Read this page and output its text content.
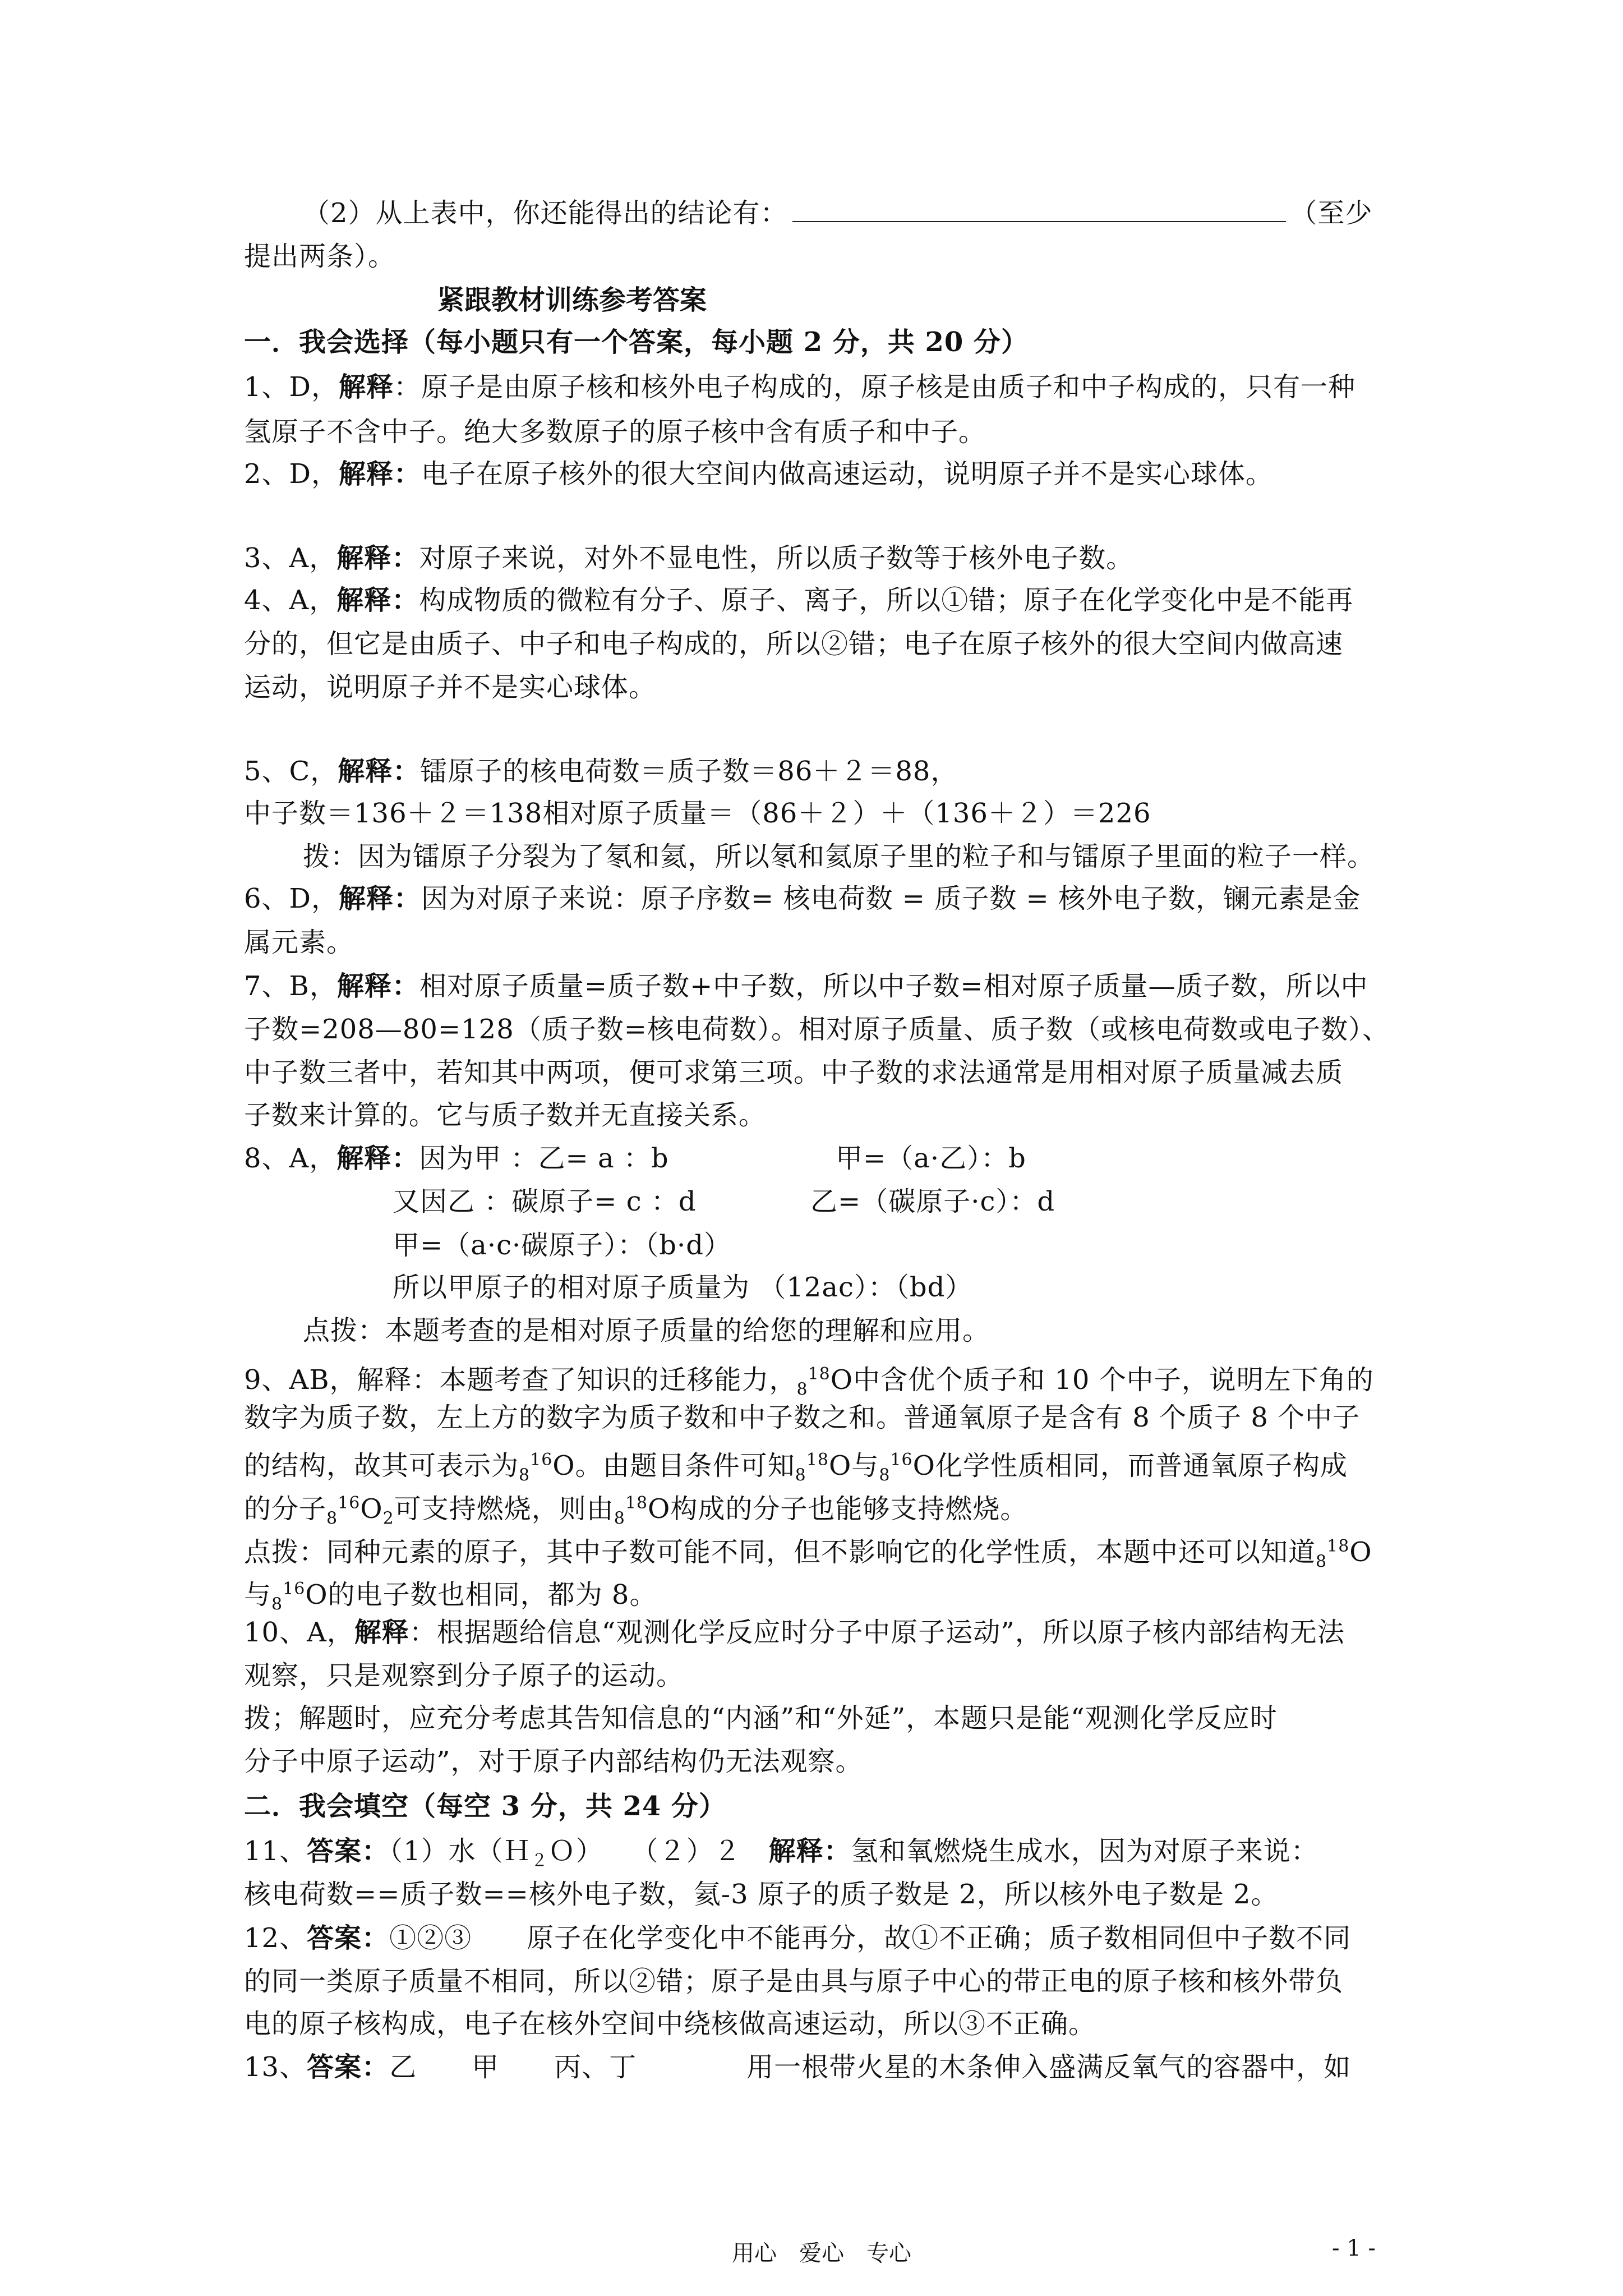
（2）从上表中，你还能得出的结论有：	（至少
提出两条）。
紧跟教材训练参考答案
一．我会选择（每小题只有一个答案，每小题 2 分，共 20 分）
1、D，解释：原子是由原子核和核外电子构成的，原子核是由质子和中子构成的，只有一种
氢原子不含中子。绝大多数原子的原子核中含有质子和中子。
2、D，解释：电子在原子核外的很大空间内做高速运动，说明原子并不是实心球体。
3、A，解释：对原子来说，对外不显电性，所以质子数等于核外电子数。
4、A，解释：构成物质的微粒有分子、原子、离子，所以①错；原子在化学变化中是不能再
分的，但它是由质子、中子和电子构成的，所以②错；电子在原子核外的很大空间内做高速
运动，说明原子并不是实心球体。
5、C，解释：镭原子的核电荷数＝质子数＝86＋２＝88，
中子数＝136＋２＝138相对原子质量＝（86＋２）＋（136＋２）＝226
拨：因为镭原子分裂为了氡和氦，所以氡和氦原子里的粒子和与镭原子里面的粒子一样。
6、D，解释：因为对原子来说：原子序数= 核电荷数 = 质子数 = 核外电子数，镧元素是金
属元素。
7、B，解释：相对原子质量=质子数+中子数，所以中子数=相对原子质量—质子数，所以中
子数=208—80=128（质子数=核电荷数）。相对原子质量、质子数（或核电荷数或电子数）、
中子数三者中，若知其中两项，便可求第三项。中子数的求法通常是用相对原子质量减去质
子数来计算的。它与质子数并无直接关系。
8、A，解释：因为甲 ：乙= a ：b	甲=（a·乙）：b
又因乙 ：碳原子= c ：d	乙=（碳原子·c）：d
甲=（a·c·碳原子）：（b·d）
所以甲原子的相对原子质量为 （12ac）：（bd）
点拨：本题考查的是相对原子质量的给您的理解和应用。
9、AB，解释：本题考查了知识的迁移能力，$_8^{18}$O中含优个质子和 10 个中子，说明左下角的
数字为质子数，左上方的数字为质子数和中子数之和。普通氧原子是含有 8 个质子 8 个中子
的结构，故其可表示为$_8^{16}$O。由题目条件可知$_8^{18}$O与$_8^{16}$O化学性质相同，而普通氧原子构成
的分子$_8^{16}O_2$可支持燃烧，则由$_8^{18}$O构成的分子也能够支持燃烧。
点拨：同种元素的原子，其中子数可能不同，但不影响它的化学性质，本题中还可以知道$_8^{18}$O
与$_8^{16}$O的电子数也相同，都为 8。
10、A，解释：根据题给信息“观测化学反应时分子中原子运动”，所以原子核内部结构无法
观察，只是观察到分子原子的运动。
拨；解题时，应充分考虑其告知信息的“内涵”和“外延”，本题只是能“观测化学反应时
分子中原子运动”，对于原子内部结构仍无法观察。
二．我会填空（每空 3 分，共 24 分）
11、答案：（1）水（Ｈ$_2$Ｏ）　　（２）２　解释：氢和氧燃烧生成水，因为对原子来说：
核电荷数==质子数==核外电子数，氦-3 原子的质子数是 2，所以核外电子数是 2。
12、答案：①②③　　原子在化学变化中不能再分，故①不正确；质子数相同但中子数不同
的同一类原子质量不相同，所以②错；原子是由具与原子中心的带正电的原子核和核外带负
电的原子核构成，电子在核外空间中绕核做高速运动，所以③不正确。
13、答案：乙　　甲　　丙、丁　　　　用一根带火星的木条伸入盛满反氧气的容器中，如
用心　爱心　专心	- 1 -
